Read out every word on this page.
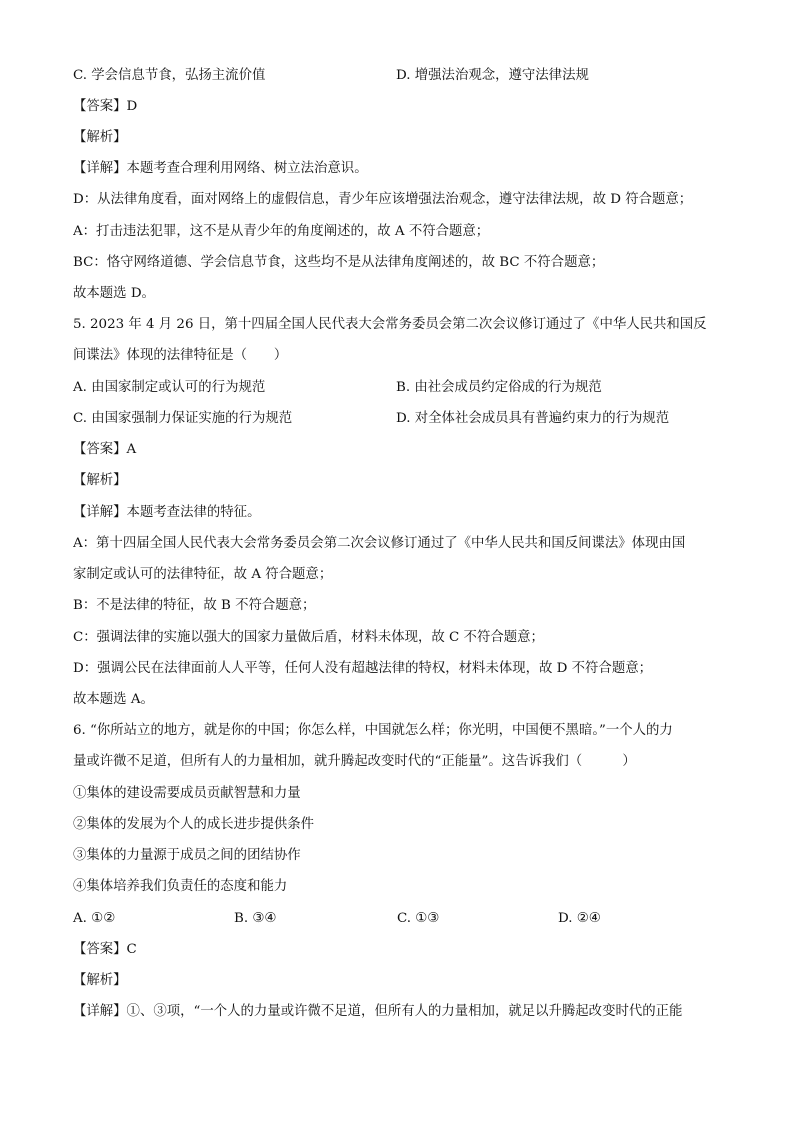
C. 学会信息节食，弘扬主流价值	D. 增强法治观念，遵守法律法规
【答案】D
【解析】
【详解】本题考查合理利用网络、树立法治意识。
D：从法律角度看，面对网络上的虚假信息，青少年应该增强法治观念，遵守法律法规，故 D 符合题意；
A：打击违法犯罪，这不是从青少年的角度阐述的，故 A 不符合题意；
BC：恪守网络道德、学会信息节食，这些均不是从法律角度阐述的，故 BC 不符合题意；
故本题选 D。
5. 2023 年 4 月 26 日，第十四届全国人民代表大会常务委员会第二次会议修订通过了《中华人民共和国反
间谍法》体现的法律特征是（　　）
A. 由国家制定或认可的行为规范	B. 由社会成员约定俗成的行为规范
C. 由国家强制力保证实施的行为规范	D. 对全体社会成员具有普遍约束力的行为规范
【答案】A
【解析】
【详解】本题考查法律的特征。
A：第十四届全国人民代表大会常务委员会第二次会议修订通过了《中华人民共和国反间谍法》体现由国
家制定或认可的法律特征，故 A 符合题意；
B：不是法律的特征，故 B 不符合题意；
C：强调法律的实施以强大的国家力量做后盾，材料未体现，故 C 不符合题意；
D：强调公民在法律面前人人平等，任何人没有超越法律的特权，材料未体现，故 D 不符合题意；
故本题选 A。
6. “你所站立的地方，就是你的中国；你怎么样，中国就怎么样；你光明，中国便不黑暗。”一个人的力
量或许微不足道，但所有人的力量相加，就升腾起改变时代的“正能量”。这告诉我们（　　　）
①集体的建设需要成员贡献智慧和力量
②集体的发展为个人的成长进步提供条件
③集体的力量源于成员之间的团结协作
④集体培养我们负责任的态度和能力
A. ①②	B. ③④	C. ①③	D. ②④
【答案】C
【解析】
【详解】①、③项，“一个人的力量或许微不足道，但所有人的力量相加，就足以升腾起改变时代的正能
